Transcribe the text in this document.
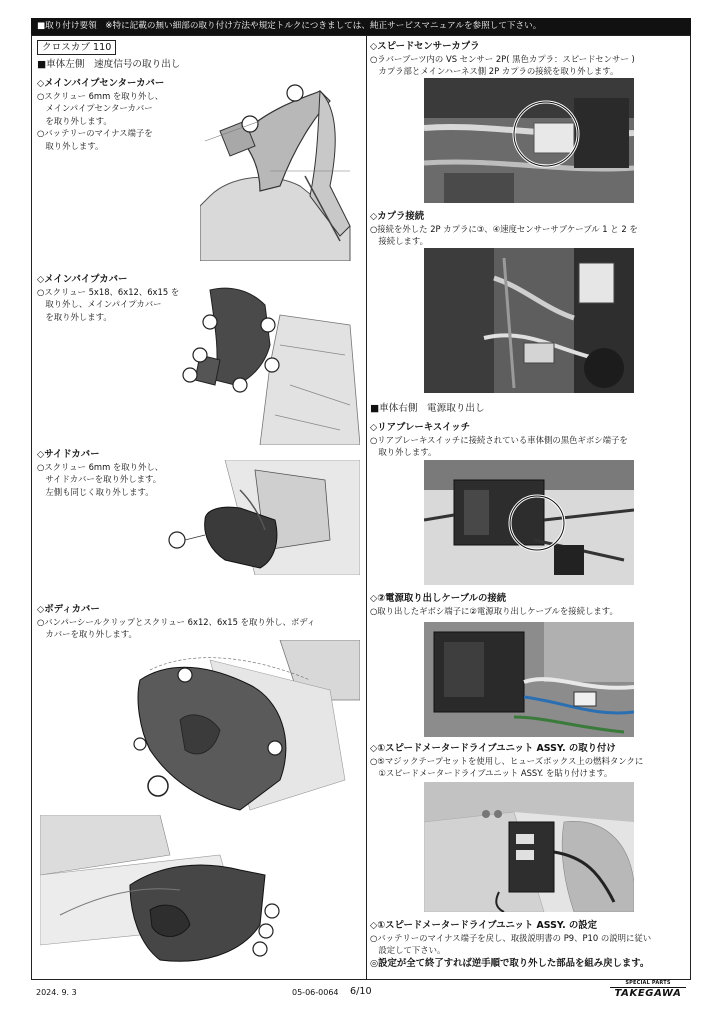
■取り付け要領　※特に記載の無い細部の取り付け方法や規定トルクにつきましては、純正サービスマニュアルを参照して下さい。
クロスカブ 110
■車体左側　速度信号の取り出し
◇メインパイプセンターカバー
○スクリュー 6mm を取り外し、
　メインパイプセンターカバー
　を取り外します。
○バッテリーのマイナス端子を
　取り外します。
◇メインパイプカバー
○スクリュー 5x18、6x12、6x15 を
　取り外し、メインパイプカバー
　を取り外します。
◇サイドカバー
○スクリュー 6mm を取り外し、
　サイドカバーを取り外します。
　左側も同じく取り外します。
◇ボディカバー
○バンパーシールクリップとスクリュー 6x12、6x15 を取り外し、ボディ
　カバーを取り外します。
◇スピードセンサーカプラ
○ラバーブーツ内の VS センサー 2P( 黒色カプラ：スピードセンサー )
　カプラ部とメインハーネス側 2P カプラの接続を取り外します。
◇カプラ接続
○接続を外した 2P カプラに③、④速度センサーサブケーブル 1 と 2 を
　接続します。
■車体右側　電源取り出し
◇リアブレーキスイッチ
○リアブレーキスイッチに接続されている車体側の黒色ギボシ端子を
　取り外します。
◇②電源取り出しケーブルの接続
○取り出したギボシ端子に②電源取り出しケーブルを接続します。
◇①スピードメータードライブユニット ASSY. の取り付け
○⑤マジックテープセットを使用し、ヒューズボックス上の燃料タンクに
　①スピードメータードライブユニット ASSY. を貼り付けます。
◇①スピードメータードライブユニット ASSY. の設定
○バッテリーのマイナス端子を戻し、取扱説明書の P9、P10 の説明に従い
　設定して下さい。
◎設定が全て終了すれば逆手順で取り外した部品を組み戻します。
2024. 9. 3	05-06-0064 6/10
SPECIAL PARTS
TAKEGAWA
